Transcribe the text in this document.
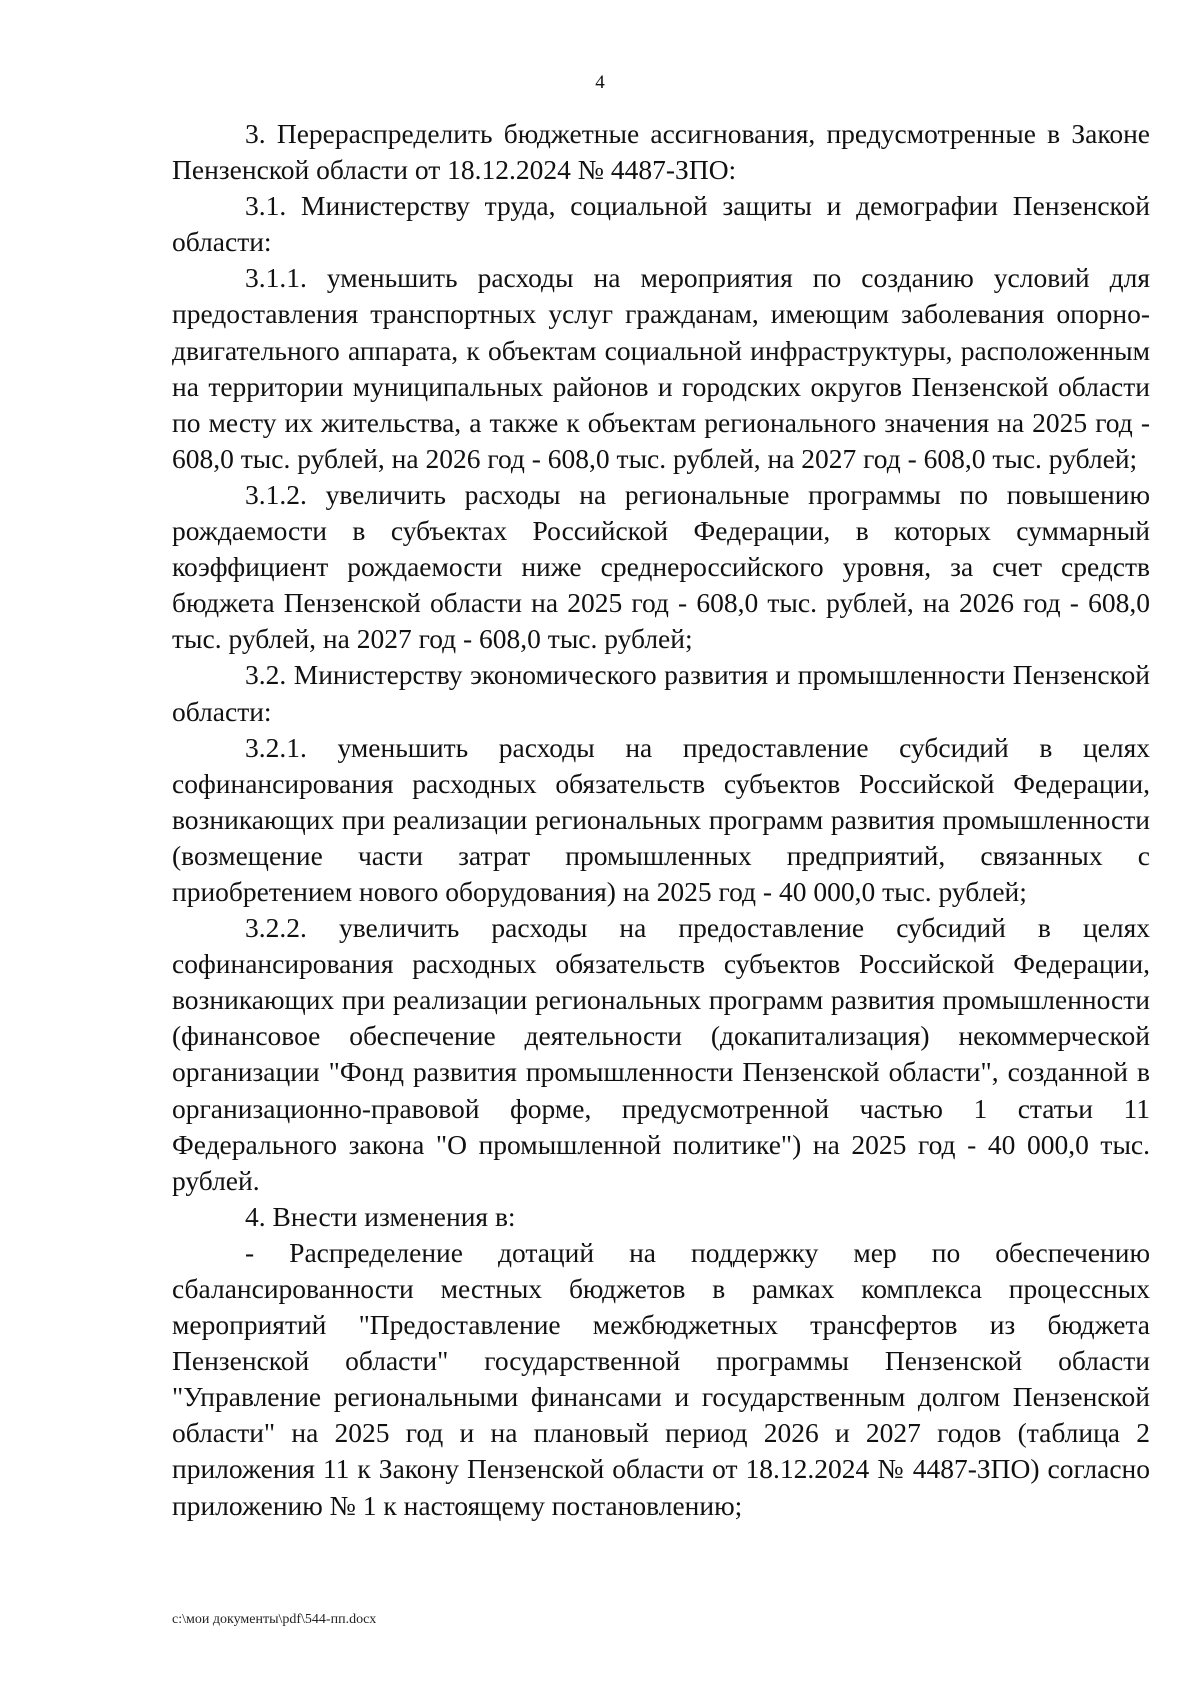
4

3. Перераспределить бюджетные ассигнования, предусмотренные в Законе Пензенской области от 18.12.2024 № 4487-ЗПО:

3.1. Министерству труда, социальной защиты и демографии Пензенской области:

3.1.1. уменьшить расходы на мероприятия по созданию условий для предоставления транспортных услуг гражданам, имеющим заболевания опорно-двигательного аппарата, к объектам социальной инфраструктуры, расположенным на территории муниципальных районов и городских округов Пензенской области по месту их жительства, а также к объектам регионального значения на 2025 год - 608,0 тыс. рублей, на 2026 год - 608,0 тыс. рублей, на 2027 год - 608,0 тыс. рублей;

3.1.2. увеличить расходы на региональные программы по повышению рождаемости в субъектах Российской Федерации, в которых суммарный коэффициент рождаемости ниже среднероссийского уровня, за счет средств бюджета Пензенской области на 2025 год - 608,0 тыс. рублей, на 2026 год - 608,0 тыс. рублей, на 2027 год - 608,0 тыс. рублей;

3.2. Министерству экономического развития и промышленности Пензенской области:

3.2.1. уменьшить расходы на предоставление субсидий в целях софинансирования расходных обязательств субъектов Российской Федерации, возникающих при реализации региональных программ развития промышленности (возмещение части затрат промышленных предприятий, связанных с приобретением нового оборудования) на 2025 год - 40 000,0 тыс. рублей;

3.2.2. увеличить расходы на предоставление субсидий в целях софинансирования расходных обязательств субъектов Российской Федерации, возникающих при реализации региональных программ развития промышленности (финансовое обеспечение деятельности (докапитализация) некоммерческой организации "Фонд развития промышленности Пензенской области", созданной в организационно-правовой форме, предусмотренной частью 1 статьи 11 Федерального закона "О промышленной политике") на 2025 год - 40 000,0 тыс. рублей.

4. Внести изменения в:

- Распределение дотаций на поддержку мер по обеспечению сбалансированности местных бюджетов в рамках комплекса процессных мероприятий "Предоставление межбюджетных трансфертов из бюджета Пензенской области" государственной программы Пензенской области "Управление региональными финансами и государственным долгом Пензенской области" на 2025 год и на плановый период 2026 и 2027 годов (таблица 2 приложения 11 к Закону Пензенской области от 18.12.2024 № 4487-ЗПО) согласно приложению № 1 к настоящему постановлению;

c:\мои документы\pdf\544-пп.docx
